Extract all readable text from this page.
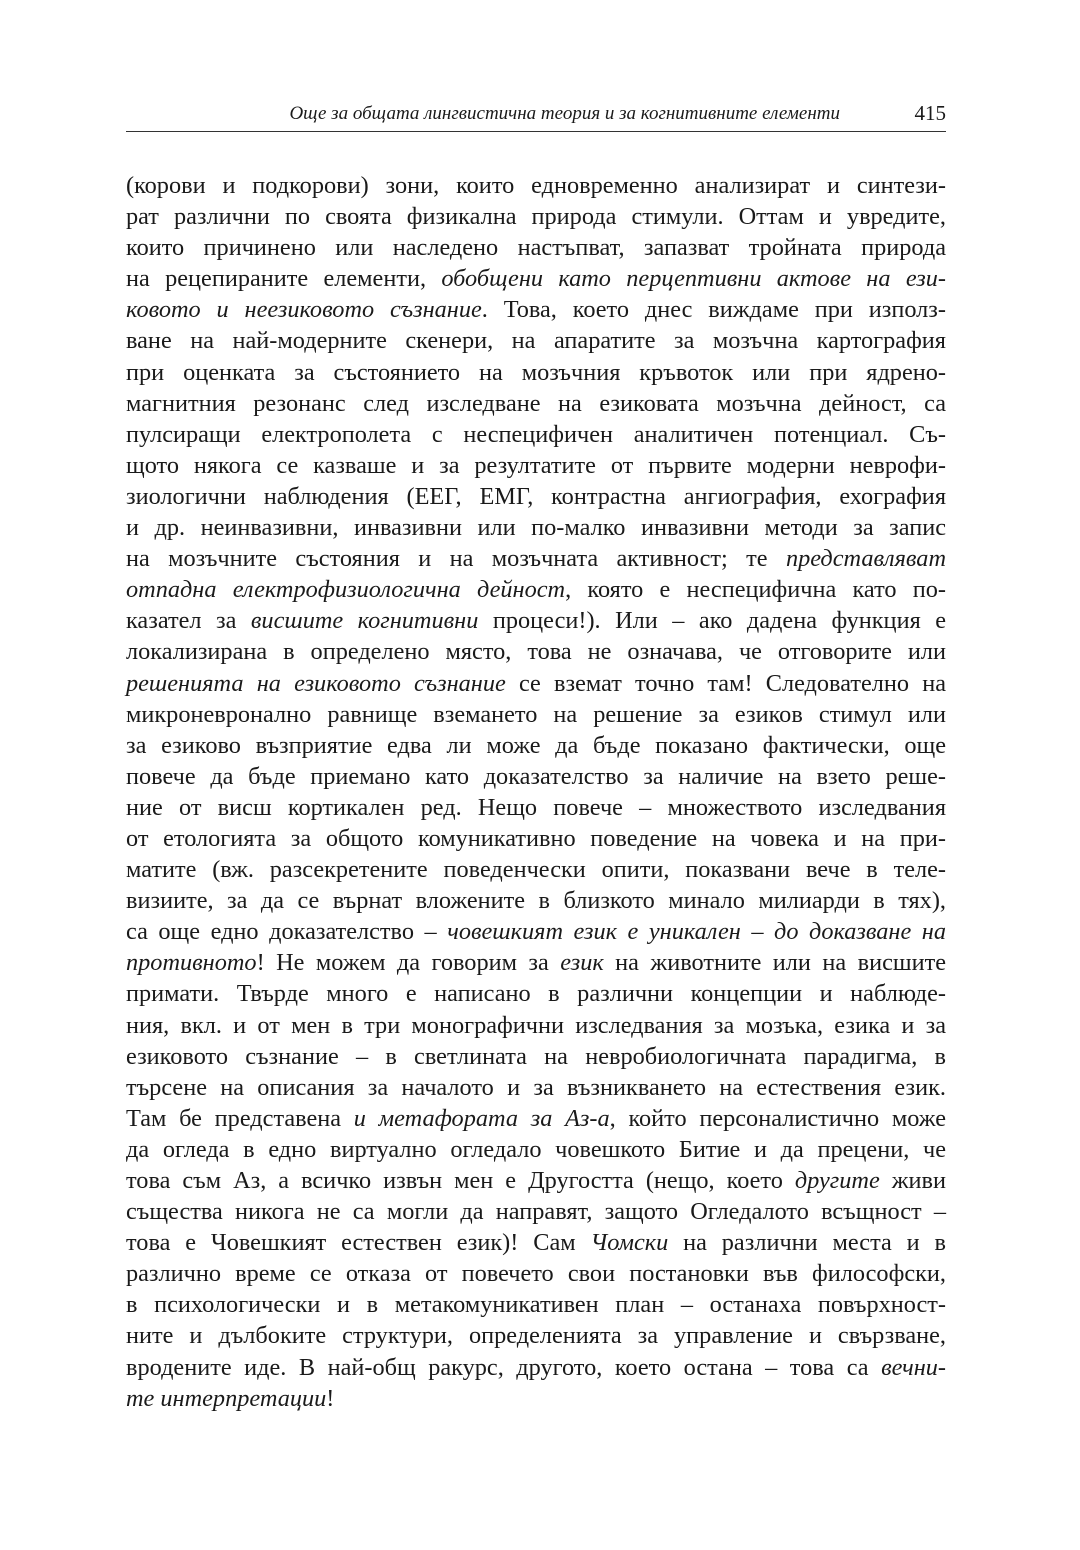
Още за общата лингвистична теория и за когнитивните елементи	415
(корови и подкорови) зони, които едновременно анализират и синтези-
рат различни по своята физикална природа стимули. Оттам и увредите,
които причинено или наследено настъпват, запазват тройната природа
на рецепираните елементи, обобщени като перцептивни актове на ези-
ковото и неезиковото съзнание. Това, което днес виждаме при използ-
ване на най-модерните скенери, на апаратите за мозъчна картография
при оценката за състоянието на мозъчния кръвоток или при ядрено-
магнитния резонанс след изследване на езиковата мозъчна дейност, са
пулсиращи електрополета с неспецифичен аналитичен потенциал. Съ-
щото някога се казваше и за резултатите от първите модерни неврофи-
зиологични наблюдения (ЕЕГ, ЕМГ, контрастна ангиография, ехография
и др. неинвазивни, инвазивни или по-малко инвазивни методи за запис
на мозъчните състояния и на мозъчната активност; те представляват
отпадна електрофизиологична дейност, която е неспецифична като по-
казател за висшите когнитивни процеси!). Или – ако дадена функция е
локализирана в определено място, това не означава, че отговорите или
решенията на езиковото съзнание се вземат точно там! Следователно на
микроневронално равнище вземането на решение за езиков стимул или
за езиково възприятие едва ли може да бъде показано фактически, още
повече да бъде приемано като доказателство за наличие на взето реше-
ние от висш кортикален ред. Нещо повече – множеството изследвания
от етологията за общото комуникативно поведение на човека и на при-
матите (вж. разсекретените поведенчески опити, показвани вече в теле-
визиите, за да се върнат вложените в близкото минало милиарди в тях),
са още едно доказателство – човешкият език е уникален – до доказване на
противното! Не можем да говорим за език на животните или на висшите
примати. Твърде много е написано в различни концепции и наблюде-
ния, вкл. и от мен в три монографични изследвания за мозъка, езика и за
езиковото съзнание – в светлината на невробиологичната парадигма, в
търсене на описания за началото и за възникването на естествения език.
Там бе представена и метафората за Аз-а, който персоналистично може
да огледа в едно виртуално огледало човешкото Битие и да прецени, че
това съм Аз, а всичко извън мен е Другостта (нещо, което другите живи
същества никога не са могли да направят, защото Огледалото всъщност –
това е Човешкият естествен език)! Сам Чомски на различни места и в
различно време се отказа от повечето свои постановки във философски,
в психологически и в метакомуникативен план – останаха повърхност-
ните и дълбоките структури, определенията за управление и свързване,
вродените иде. В най-общ ракурс, другото, което остана – това са вечни-
те интерпретации!
